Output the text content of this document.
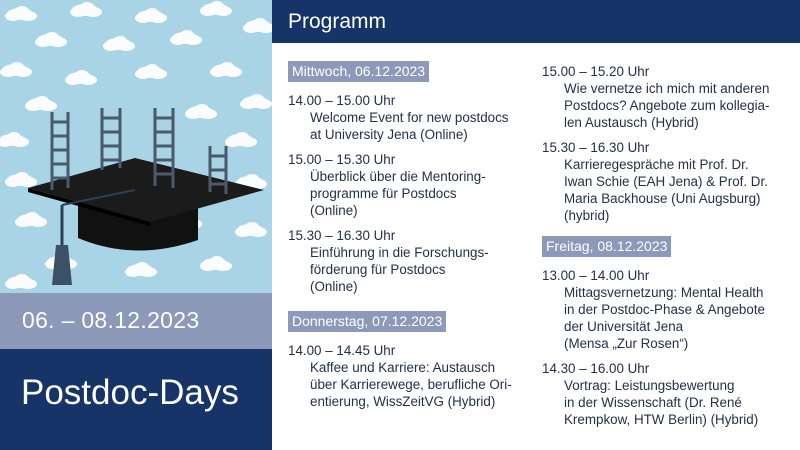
06. – 08.12.2023
Postdoc-Days
Programm
Mittwoch, 06.12.2023
14.00 – 15.00 Uhr
Welcome Event for new postdocs
at University Jena (Online)
15.00 – 15.30 Uhr
Überblick über die Mentoring-
programme für Postdocs
(Online)
15.30 – 16.30 Uhr
Einführung in die Forschungs-
förderung für Postdocs
(Online)
Donnerstag, 07.12.2023
14.00 – 14.45 Uhr
Kaffee und Karriere: Austausch
über Karrierewege, berufliche Ori-
entierung, WissZeitVG (Hybrid)
15.00 – 15.20 Uhr
Wie vernetze ich mich mit anderen
Postdocs? Angebote zum kollegia-
len Austausch (Hybrid)
15.30 – 16.30 Uhr
Karrieregespräche mit Prof. Dr.
Iwan Schie (EAH Jena) & Prof. Dr.
Maria Backhouse (Uni Augsburg)
(hybrid)
Freitag, 08.12.2023
13.00 – 14.00 Uhr
Mittagsvernetzung: Mental Health
in der Postdoc-Phase & Angebote
der Universität Jena
(Mensa „Zur Rosen“)
14.30 – 16.00 Uhr
Vortrag: Leistungsbewertung
in der Wissenschaft (Dr. René
Krempkow, HTW Berlin) (Hybrid)
